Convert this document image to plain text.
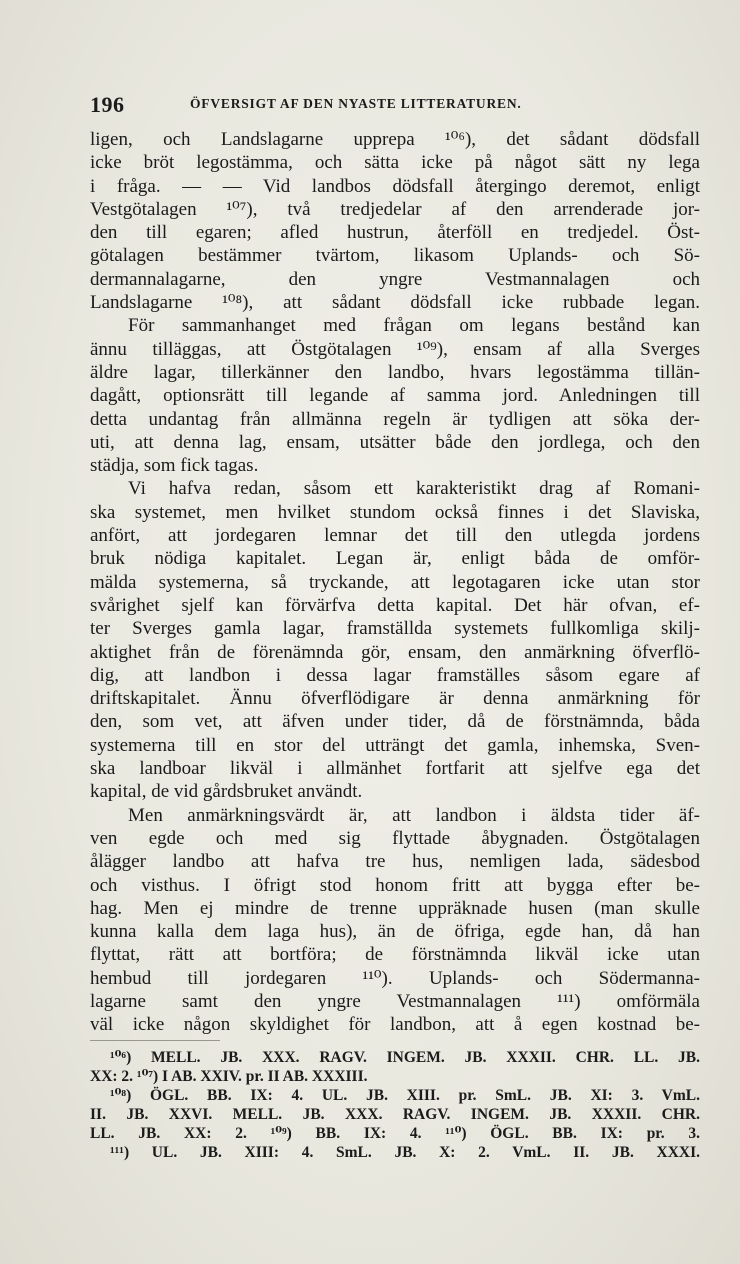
196	ÖFVERSIGT AF DEN NYASTE LITTERATUREN.
ligen, och Landslagarne upprepa ¹⁰⁶), det sådant dödsfall
icke bröt legostämma, och sätta icke på något sätt ny lega
i fråga. — — Vid landbos dödsfall återgingo deremot, enligt
Vestgötalagen ¹⁰⁷), två tredjedelar af den arrenderade jor-
den till egaren; afled hustrun, återföll en tredjedel. Öst-
götalagen bestämmer tvärtom, likasom Uplands- och Sö-
dermannalagarne, den yngre Vestmannalagen och
Landslagarne ¹⁰⁸), att sådant dödsfall icke rubbade legan.
För sammanhanget med frågan om legans bestånd kan
ännu tilläggas, att Östgötalagen ¹⁰⁹), ensam af alla Sverges
äldre lagar, tillerkänner den landbo, hvars legostämma tillän-
dagått, optionsrätt till legande af samma jord. Anledningen till
detta undantag från allmänna regeln är tydligen att söka der-
uti, att denna lag, ensam, utsätter både den jordlega, och den
städja, som fick tagas.
Vi hafva redan, såsom ett karakteristikt drag af Romani-
ska systemet, men hvilket stundom också finnes i det Slaviska,
anfört, att jordegaren lemnar det till den utlegda jordens
bruk nödiga kapitalet. Legan är, enligt båda de omför-
mälda systemerna, så tryckande, att legotagaren icke utan stor
svårighet sjelf kan förvärfva detta kapital. Det här ofvan, ef-
ter Sverges gamla lagar, framställda systemets fullkomliga skilj-
aktighet från de förenämnda gör, ensam, den anmärkning öfverflö-
dig, att landbon i dessa lagar framställes såsom egare af
driftskapitalet. Ännu öfverflödigare är denna anmärkning för
den, som vet, att äfven under tider, då de förstnämnda, båda
systemerna till en stor del utträngt det gamla, inhemska, Sven-
ska landboar likväl i allmänhet fortfarit att sjelfve ega det
kapital, de vid gårdsbruket användt.
Men anmärkningsvärdt är, att landbon i äldsta tider äf-
ven egde och med sig flyttade åbygnaden. Östgötalagen
ålägger landbo att hafva tre hus, nemligen lada, sädesbod
och visthus. I öfrigt stod honom fritt att bygga efter be-
hag. Men ej mindre de trenne uppräknade husen (man skulle
kunna kalla dem laga hus), än de öfriga, egde han, då han
flyttat, rätt att bortföra; de förstnämnda likväl icke utan
hembud till jordegaren ¹¹⁰). Uplands- och Södermanna-
lagarne samt den yngre Vestmannalagen ¹¹¹) omförmäla
väl icke någon skyldighet för landbon, att å egen kostnad be-
¹⁰⁶) MELL. JB. XXX. RAGV. INGEM. JB. XXXII. CHR. LL. JB.
XX: 2. ¹⁰⁷) I AB. XXIV. pr. II AB. XXXIII.
¹⁰⁸) ÖGL. BB. IX: 4. UL. JB. XIII. pr. SmL. JB. XI: 3. VmL.
II. JB. XXVI. MELL. JB. XXX. RAGV. INGEM. JB. XXXII. CHR.
LL. JB. XX: 2. ¹⁰⁹) BB. IX: 4. ¹¹⁰) ÖGL. BB. IX: pr. 3.
¹¹¹) UL. JB. XIII: 4. SmL. JB. X: 2. VmL. II. JB. XXXI.
